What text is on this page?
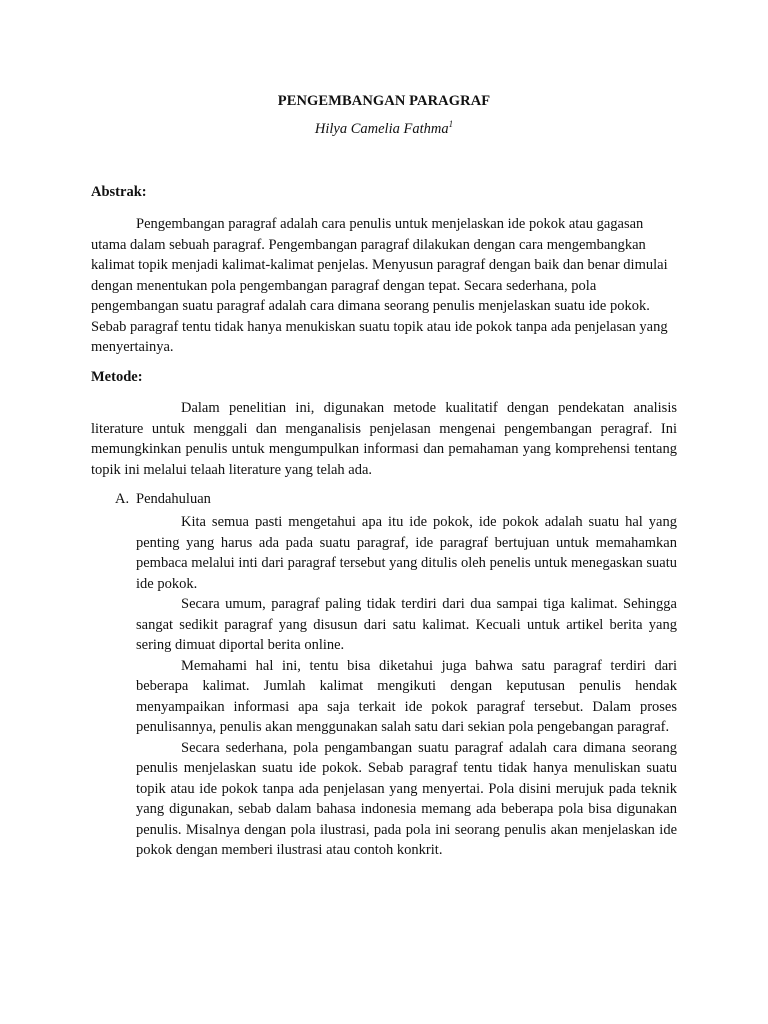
PENGEMBANGAN PARAGRAF
Hilya Camelia Fathma$^1$
Abstrak:

Pengembangan paragraf adalah cara penulis untuk menjelaskan ide pokok atau gagasan utama dalam sebuah paragraf. Pengembangan paragraf dilakukan dengan cara mengembangkan kalimat topik menjadi kalimat-kalimat penjelas. Menyusun paragraf dengan baik dan benar dimulai dengan menentukan pola pengembangan paragraf dengan tepat. Secara sederhana, pola pengembangan suatu paragraf adalah cara dimana seorang penulis menjelaskan suatu ide pokok. Sebab paragraf tentu tidak hanya menukiskan suatu topik atau ide pokok tanpa ada penjelasan yang menyertainya.

Metode:

Dalam penelitian ini, digunakan metode kualitatif dengan pendekatan analisis literature untuk menggali dan menganalisis penjelasan mengenai pengembangan peragraf. Ini memungkinkan penulis untuk mengumpulkan informasi dan pemahaman yang komprehensi tentang topik ini melalui telaah literature yang telah ada.

A. Pendahuluan

Kita semua pasti mengetahui apa itu ide pokok, ide pokok adalah suatu hal yang penting yang harus ada pada suatu paragraf, ide paragraf bertujuan untuk memahamkan pembaca melalui inti dari paragraf tersebut yang ditulis oleh penelis untuk menegaskan suatu ide pokok.

Secara umum, paragraf paling tidak terdiri dari dua sampai tiga kalimat. Sehingga sangat sedikit paragraf yang disusun dari satu kalimat. Kecuali untuk artikel berita yang sering dimuat diportal berita online.

Memahami hal ini, tentu bisa diketahui juga bahwa satu paragraf terdiri dari beberapa kalimat. Jumlah kalimat mengikuti dengan keputusan penulis hendak menyampaikan informasi apa saja terkait ide pokok paragraf tersebut. Dalam proses penulisannya, penulis akan menggunakan salah satu dari sekian pola pengebangan paragraf.

Secara sederhana, pola pengambangan suatu paragraf adalah cara dimana seorang penulis menjelaskan suatu ide pokok. Sebab paragraf tentu tidak hanya menuliskan suatu topik atau ide pokok tanpa ada penjelasan yang menyertai. Pola disini merujuk pada teknik yang digunakan, sebab dalam bahasa indonesia memang ada beberapa pola bisa digunakan penulis. Misalnya dengan pola ilustrasi, pada pola ini seorang penulis akan menjelaskan ide pokok dengan memberi ilustrasi atau contoh konkrit.
